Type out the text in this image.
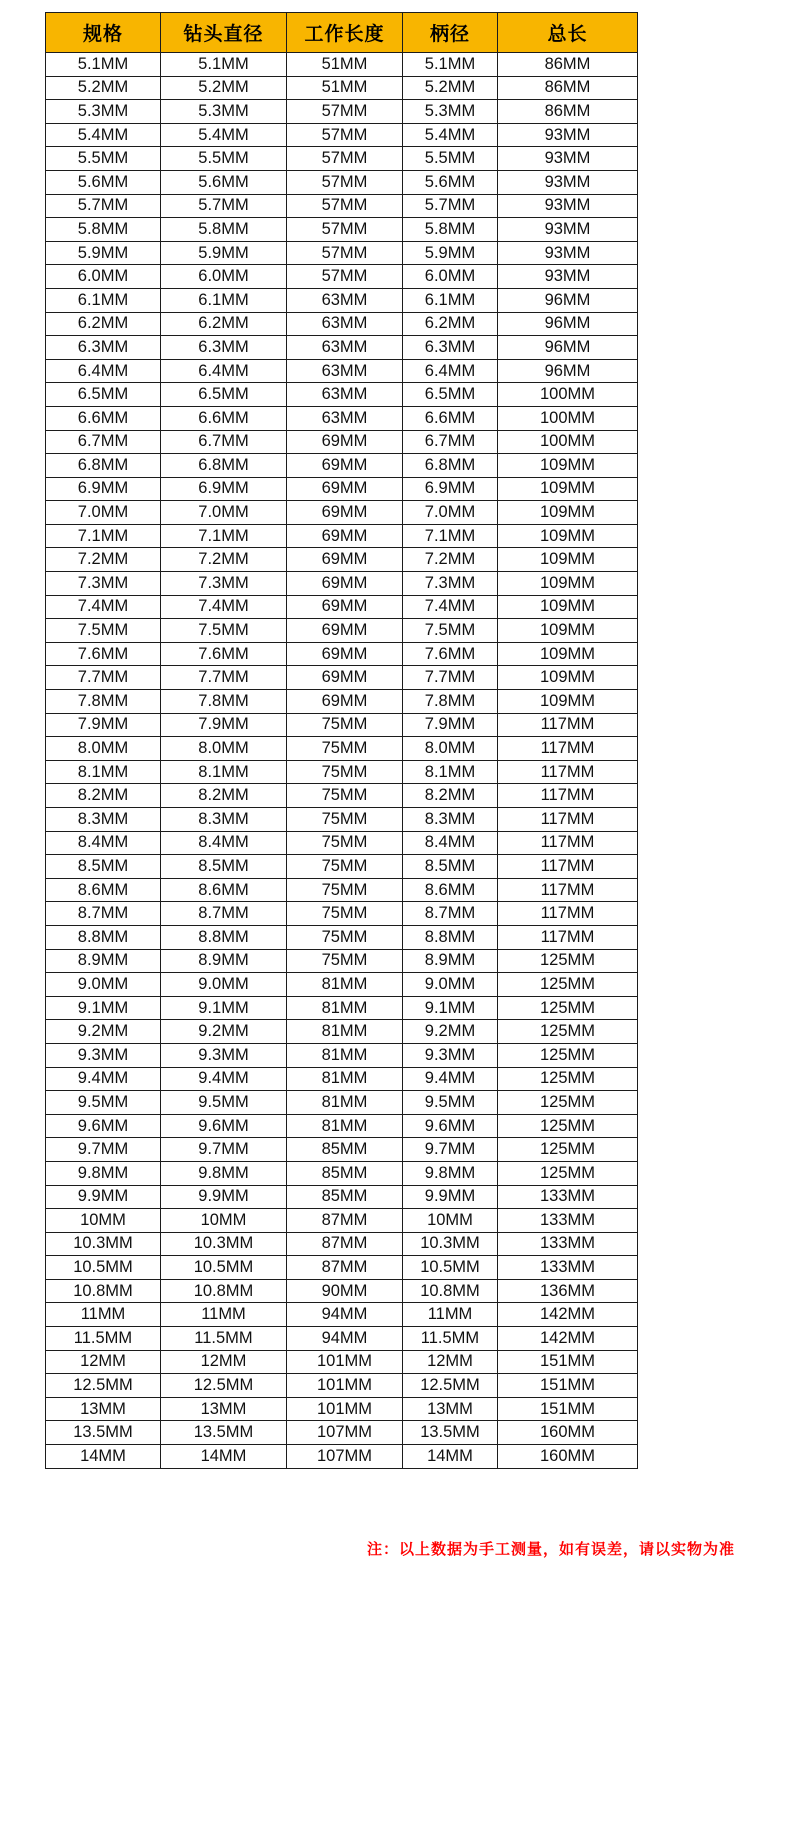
规格	钻头直径	工作长度	柄径	总长
5.1MM	5.1MM	51MM	5.1MM	86MM
5.2MM	5.2MM	51MM	5.2MM	86MM
5.3MM	5.3MM	57MM	5.3MM	86MM
5.4MM	5.4MM	57MM	5.4MM	93MM
5.5MM	5.5MM	57MM	5.5MM	93MM
5.6MM	5.6MM	57MM	5.6MM	93MM
5.7MM	5.7MM	57MM	5.7MM	93MM
5.8MM	5.8MM	57MM	5.8MM	93MM
5.9MM	5.9MM	57MM	5.9MM	93MM
6.0MM	6.0MM	57MM	6.0MM	93MM
6.1MM	6.1MM	63MM	6.1MM	96MM
6.2MM	6.2MM	63MM	6.2MM	96MM
6.3MM	6.3MM	63MM	6.3MM	96MM
6.4MM	6.4MM	63MM	6.4MM	96MM
6.5MM	6.5MM	63MM	6.5MM	100MM
6.6MM	6.6MM	63MM	6.6MM	100MM
6.7MM	6.7MM	69MM	6.7MM	100MM
6.8MM	6.8MM	69MM	6.8MM	109MM
6.9MM	6.9MM	69MM	6.9MM	109MM
7.0MM	7.0MM	69MM	7.0MM	109MM
7.1MM	7.1MM	69MM	7.1MM	109MM
7.2MM	7.2MM	69MM	7.2MM	109MM
7.3MM	7.3MM	69MM	7.3MM	109MM
7.4MM	7.4MM	69MM	7.4MM	109MM
7.5MM	7.5MM	69MM	7.5MM	109MM
7.6MM	7.6MM	69MM	7.6MM	109MM
7.7MM	7.7MM	69MM	7.7MM	109MM
7.8MM	7.8MM	69MM	7.8MM	109MM
7.9MM	7.9MM	75MM	7.9MM	117MM
8.0MM	8.0MM	75MM	8.0MM	117MM
8.1MM	8.1MM	75MM	8.1MM	117MM
8.2MM	8.2MM	75MM	8.2MM	117MM
8.3MM	8.3MM	75MM	8.3MM	117MM
8.4MM	8.4MM	75MM	8.4MM	117MM
8.5MM	8.5MM	75MM	8.5MM	117MM
8.6MM	8.6MM	75MM	8.6MM	117MM
8.7MM	8.7MM	75MM	8.7MM	117MM
8.8MM	8.8MM	75MM	8.8MM	117MM
8.9MM	8.9MM	75MM	8.9MM	125MM
9.0MM	9.0MM	81MM	9.0MM	125MM
9.1MM	9.1MM	81MM	9.1MM	125MM
9.2MM	9.2MM	81MM	9.2MM	125MM
9.3MM	9.3MM	81MM	9.3MM	125MM
9.4MM	9.4MM	81MM	9.4MM	125MM
9.5MM	9.5MM	81MM	9.5MM	125MM
9.6MM	9.6MM	81MM	9.6MM	125MM
9.7MM	9.7MM	85MM	9.7MM	125MM
9.8MM	9.8MM	85MM	9.8MM	125MM
9.9MM	9.9MM	85MM	9.9MM	133MM
10MM	10MM	87MM	10MM	133MM
10.3MM	10.3MM	87MM	10.3MM	133MM
10.5MM	10.5MM	87MM	10.5MM	133MM
10.8MM	10.8MM	90MM	10.8MM	136MM
11MM	11MM	94MM	11MM	142MM
11.5MM	11.5MM	94MM	11.5MM	142MM
12MM	12MM	101MM	12MM	151MM
12.5MM	12.5MM	101MM	12.5MM	151MM
13MM	13MM	101MM	13MM	151MM
13.5MM	13.5MM	107MM	13.5MM	160MM
14MM	14MM	107MM	14MM	160MM
注：以上数据为手工测量，如有误差，请以实物为准
